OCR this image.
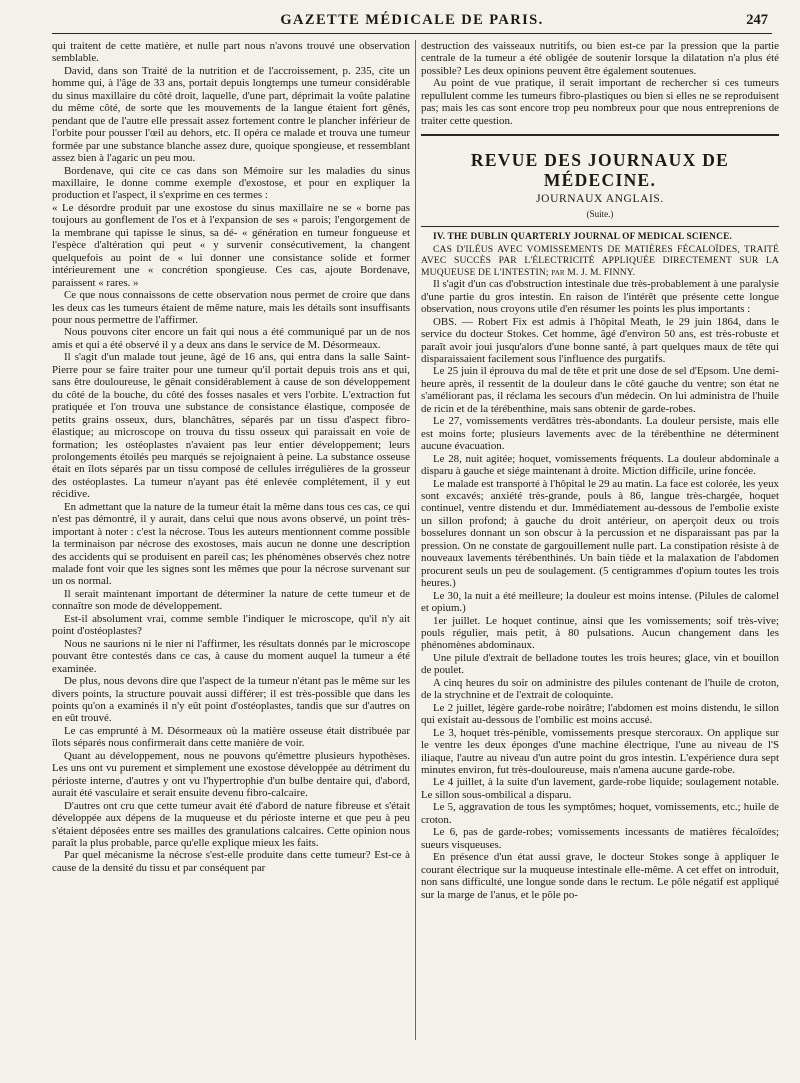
GAZETTE MÉDICALE DE PARIS.	247

qui traitent de cette matière, et nulle part nous n'avons trouvé une observation semblable.

David, dans son Traité de la nutrition et de l'accroissement, p. 235, cite un homme qui, à l'âge de 33 ans, portait depuis longtemps une tumeur considérable du sinus maxillaire du côté droit, laquelle, d'une part, déprimait la voûte palatine du même côté, de sorte que les mouvements de la langue étaient fort gênés, pendant que de l'autre elle pressait assez fortement contre le plancher inférieur de l'orbite pour pousser l'œil au dehors, etc. Il opéra ce malade et trouva une tumeur formée par une substance blanche assez dure, quoique spongieuse, et ressemblant assez bien à l'agaric un peu mou.

Bordenave, qui cite ce cas dans son Mémoire sur les maladies du sinus maxillaire, le donne comme exemple d'exostose, et pour en expliquer la production et l'aspect, il s'exprime en ces termes :

« Le désordre produit par une exostose du sinus maxillaire ne se « borne pas toujours au gonflement de l'os et à l'expansion de ses « parois; l'engorgement de la membrane qui tapisse le sinus, sa dé- « génération en tumeur fongueuse et l'espèce d'altération qui peut « y survenir consécutivement, la changent quelquefois au point de « lui donner une consistance solide et former intérieurement une « concrétion spongieuse. Ces cas, ajoute Bordenave, paraissent « rares. »

Ce que nous connaissons de cette observation nous permet de croire que dans les deux cas les tumeurs étaient de même nature, mais les détails sont insuffisants pour nous permettre de l'affirmer.

Nous pouvons citer encore un fait qui nous a été communiqué par un de nos amis et qui a été observé il y a deux ans dans le service de M. Désormeaux.

Il s'agit d'un malade tout jeune, âgé de 16 ans, qui entra dans la salle Saint-Pierre pour se faire traiter pour une tumeur qu'il portait depuis trois ans et qui, sans être douloureuse, le gênait considérablement à cause de son développement du côté de la bouche, du côté des fosses nasales et vers l'orbite. L'extraction fut pratiquée et l'on trouva une substance de consistance élastique, composée de petits grains osseux, durs, blanchâtres, séparés par un tissu d'aspect fibro-élastique; au microscope on trouva du tissu osseux qui paraissait en voie de formation; les ostéoplastes n'avaient pas leur entier développement; leurs prolongements étoilés peu marqués se rejoignaient à peine. La substance osseuse était en îlots séparés par un tissu composé de cellules irrégulières de la grosseur des ostéoplastes. La tumeur n'ayant pas été enlevée complétement, il y eut récidive.

En admettant que la nature de la tumeur était la même dans tous ces cas, ce qui n'est pas démontré, il y aurait, dans celui que nous avons observé, un point très-important à noter : c'est la nécrose. Tous les auteurs mentionnent comme possible la terminaison par nécrose des exostoses, mais aucun ne donne une description des accidents qui se produisent en pareil cas; les phénomènes observés chez notre malade font voir que les signes sont les mêmes que pour la nécrose survenant sur un os normal.

Il serait maintenant important de déterminer la nature de cette tumeur et de connaître son mode de développement.

Est-il absolument vrai, comme semble l'indiquer le microscope, qu'il n'y ait point d'ostéoplastes?

Nous ne saurions ni le nier ni l'affirmer, les résultats donnés par le microscope pouvant être contestés dans ce cas, à cause du moment auquel la tumeur a été examinée.

De plus, nous devons dire que l'aspect de la tumeur n'étant pas le même sur les divers points, la structure pouvait aussi différer; il est très-possible que dans les points qu'on a examinés il n'y eût point d'ostéoplastes, tandis que sur d'autres on en eût trouvé.

Le cas emprunté à M. Désormeaux où la matière osseuse était distribuée par îlots séparés nous confirmerait dans cette manière de voir.

Quant au développement, nous ne pouvons qu'émettre plusieurs hypothèses. Les uns ont vu purement et simplement une exostose développée au détriment du périoste interne, d'autres y ont vu l'hypertrophie d'un bulbe dentaire qui, d'abord, aurait été vasculaire et serait ensuite devenu fibro-calcaire.

D'autres ont cru que cette tumeur avait été d'abord de nature fibreuse et s'était développée aux dépens de la muqueuse et du périoste interne et que peu à peu s'étaient déposées entre ses mailles des granulations calcaires. Cette opinion nous paraît la plus probable, parce qu'elle explique mieux les faits.

Par quel mécanisme la nécrose s'est-elle produite dans cette tumeur? Est-ce à cause de la densité du tissu et par conséquent par

destruction des vaisseaux nutritifs, ou bien est-ce par la pression que la partie centrale de la tumeur a été obligée de soutenir lorsque la dilatation n'a plus été possible? Les deux opinions peuvent être également soutenues.

Au point de vue pratique, il serait important de rechercher si ces tumeurs repullulent comme les tumeurs fibro-plastiques ou bien si elles ne se reproduisent pas; mais les cas sont encore trop peu nombreux pour que nous entreprenions de traiter cette question.

REVUE DES JOURNAUX DE MÉDECINE.
JOURNAUX ANGLAIS.
(Suite.)

IV. THE DUBLIN QUARTERLY JOURNAL OF MEDICAL SCIENCE.

CAS D'ILÉUS AVEC VOMISSEMENTS DE MATIÈRES FÉCALOÏDES, TRAITÉ AVEC SUCCÈS PAR L'ÉLECTRICITÉ APPLIQUÉE DIRECTEMENT SUR LA MUQUEUSE DE L'INTESTIN; par M. J. M. FINNY.

Il s'agit d'un cas d'obstruction intestinale due très-probablement à une paralysie d'une partie du gros intestin. En raison de l'intérêt que présente cette longue observation, nous croyons utile d'en résumer les points les plus importants :

OBS. — Robert Fix est admis à l'hôpital Meath, le 29 juin 1864, dans le service du docteur Stokes. Cet homme, âgé d'environ 50 ans, est très-robuste et paraît avoir joui jusqu'alors d'une bonne santé, à part quelques maux de tête qui disparaissaient facilement sous l'influence des purgatifs.

Le 25 juin il éprouva du mal de tête et prit une dose de sel d'Epsom. Une demi-heure après, il ressentit de la douleur dans le côté gauche du ventre; son état ne s'améliorant pas, il réclama les secours d'un médecin. On lui administra de l'huile de ricin et de la térébenthine, mais sans obtenir de garde-robes.

Le 27, vomissements verdâtres très-abondants. La douleur persiste, mais elle est moins forte; plusieurs lavements avec de la térébenthine ne déterminent aucune évacuation.

Le 28, nuit agitée; hoquet, vomissements fréquents. La douleur abdominale a disparu à gauche et siége maintenant à droite. Miction difficile, urine foncée.

Le malade est transporté à l'hôpital le 29 au matin. La face est colorée, les yeux sont excavés; anxiété très-grande, pouls à 86, langue très-chargée, hoquet continuel, ventre distendu et dur. Immédiatement au-dessous de l'embolie existe un sillon profond; à gauche du droit antérieur, on aperçoit deux ou trois bosselures donnant un son obscur à la percussion et ne disparaissant pas par la pression. On ne constate de gargouillement nulle part. La constipation résiste à de nouveaux lavements térébenthinés. Un bain tiède et la malaxation de l'abdomen procurent seuls un peu de soulagement. (5 centigrammes d'opium toutes les trois heures.)

Le 30, la nuit a été meilleure; la douleur est moins intense. (Pilules de calomel et opium.)

1er juillet. Le hoquet continue, ainsi que les vomissements; soif très-vive; pouls régulier, mais petit, à 80 pulsations. Aucun changement dans les phénomènes abdominaux.

Une pilule d'extrait de belladone toutes les trois heures; glace, vin et bouillon de poulet.

A cinq heures du soir on administre des pilules contenant de l'huile de croton, de la strychnine et de l'extrait de coloquinte.

Le 2 juillet, légère garde-robe noirâtre; l'abdomen est moins distendu, le sillon qui existait au-dessous de l'ombilic est moins accusé.

Le 3, hoquet très-pénible, vomissements presque stercoraux. On applique sur le ventre les deux éponges d'une machine électrique, l'une au niveau de l'S iliaque, l'autre au niveau d'un autre point du gros intestin. L'expérience dura sept minutes environ, fut très-douloureuse, mais n'amena aucune garde-robe.

Le 4 juillet, à la suite d'un lavement, garde-robe liquide; soulagement notable. Le sillon sous-ombilical a disparu.

Le 5, aggravation de tous les symptômes; hoquet, vomissements, etc.; huile de croton.

Le 6, pas de garde-robes; vomissements incessants de matières fécaloïdes; sueurs visqueuses.

En présence d'un état aussi grave, le docteur Stokes songe à appliquer le courant électrique sur la muqueuse intestinale elle-même. A cet effet on introduit, non sans difficulté, une longue sonde dans le rectum. Le pôle négatif est appliqué sur la marge de l'anus, et le pôle po-
